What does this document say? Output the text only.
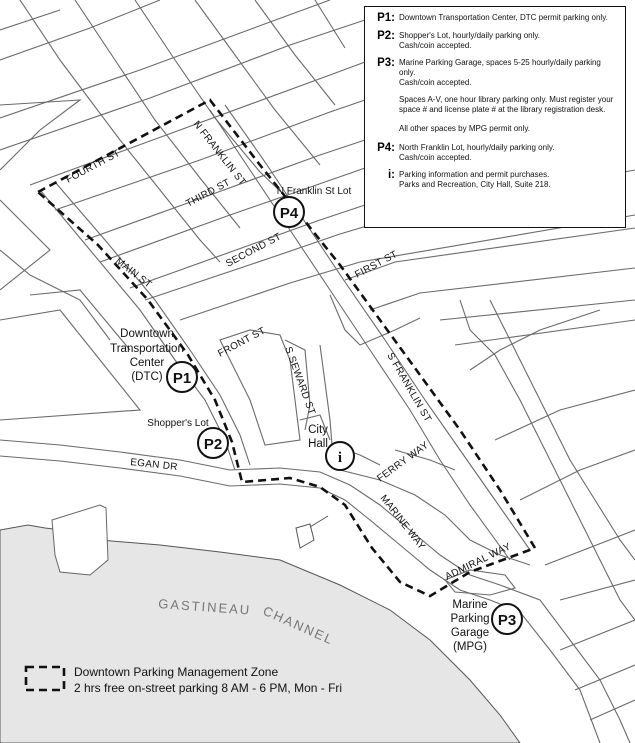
FOURTH ST	N FRANKLIN ST
THIRD ST
SECOND ST
MAIN ST	FIRST ST
FRONT ST
S SEWARD ST	S FRANKLIN ST
EGAN DR	FERRY WAY
MARINE WAY
ADMIRAL WAY
GASTINEAU CHANNEL
Downtown
Transportation
Center
(DTC)
Shopper's Lot
City
Hall
N Franklin St Lot
Marine
Parking
Garage
(MPG)
P1
P2
P3
P4
i
Downtown Parking Management Zone
2 hrs free on-street parking 8 AM - 6 PM, Mon - Fri
P1: Downtown Transportation Center, DTC permit parking only.
P2: Shopper's Lot, hourly/daily parking only.
Cash/coin accepted.
P3: Marine Parking Garage, spaces 5-25 hourly/daily parking only.
Cash/coin accepted.
Spaces A-V, one hour library parking only. Must register your
space # and license plate # at the library registration desk.
All other spaces by MPG permit only.
P4: North Franklin Lot, hourly/daily parking only.
Cash/coin accepted.
i: Parking information and permit purchases.
Parks and Recreation, City Hall, Suite 218.
